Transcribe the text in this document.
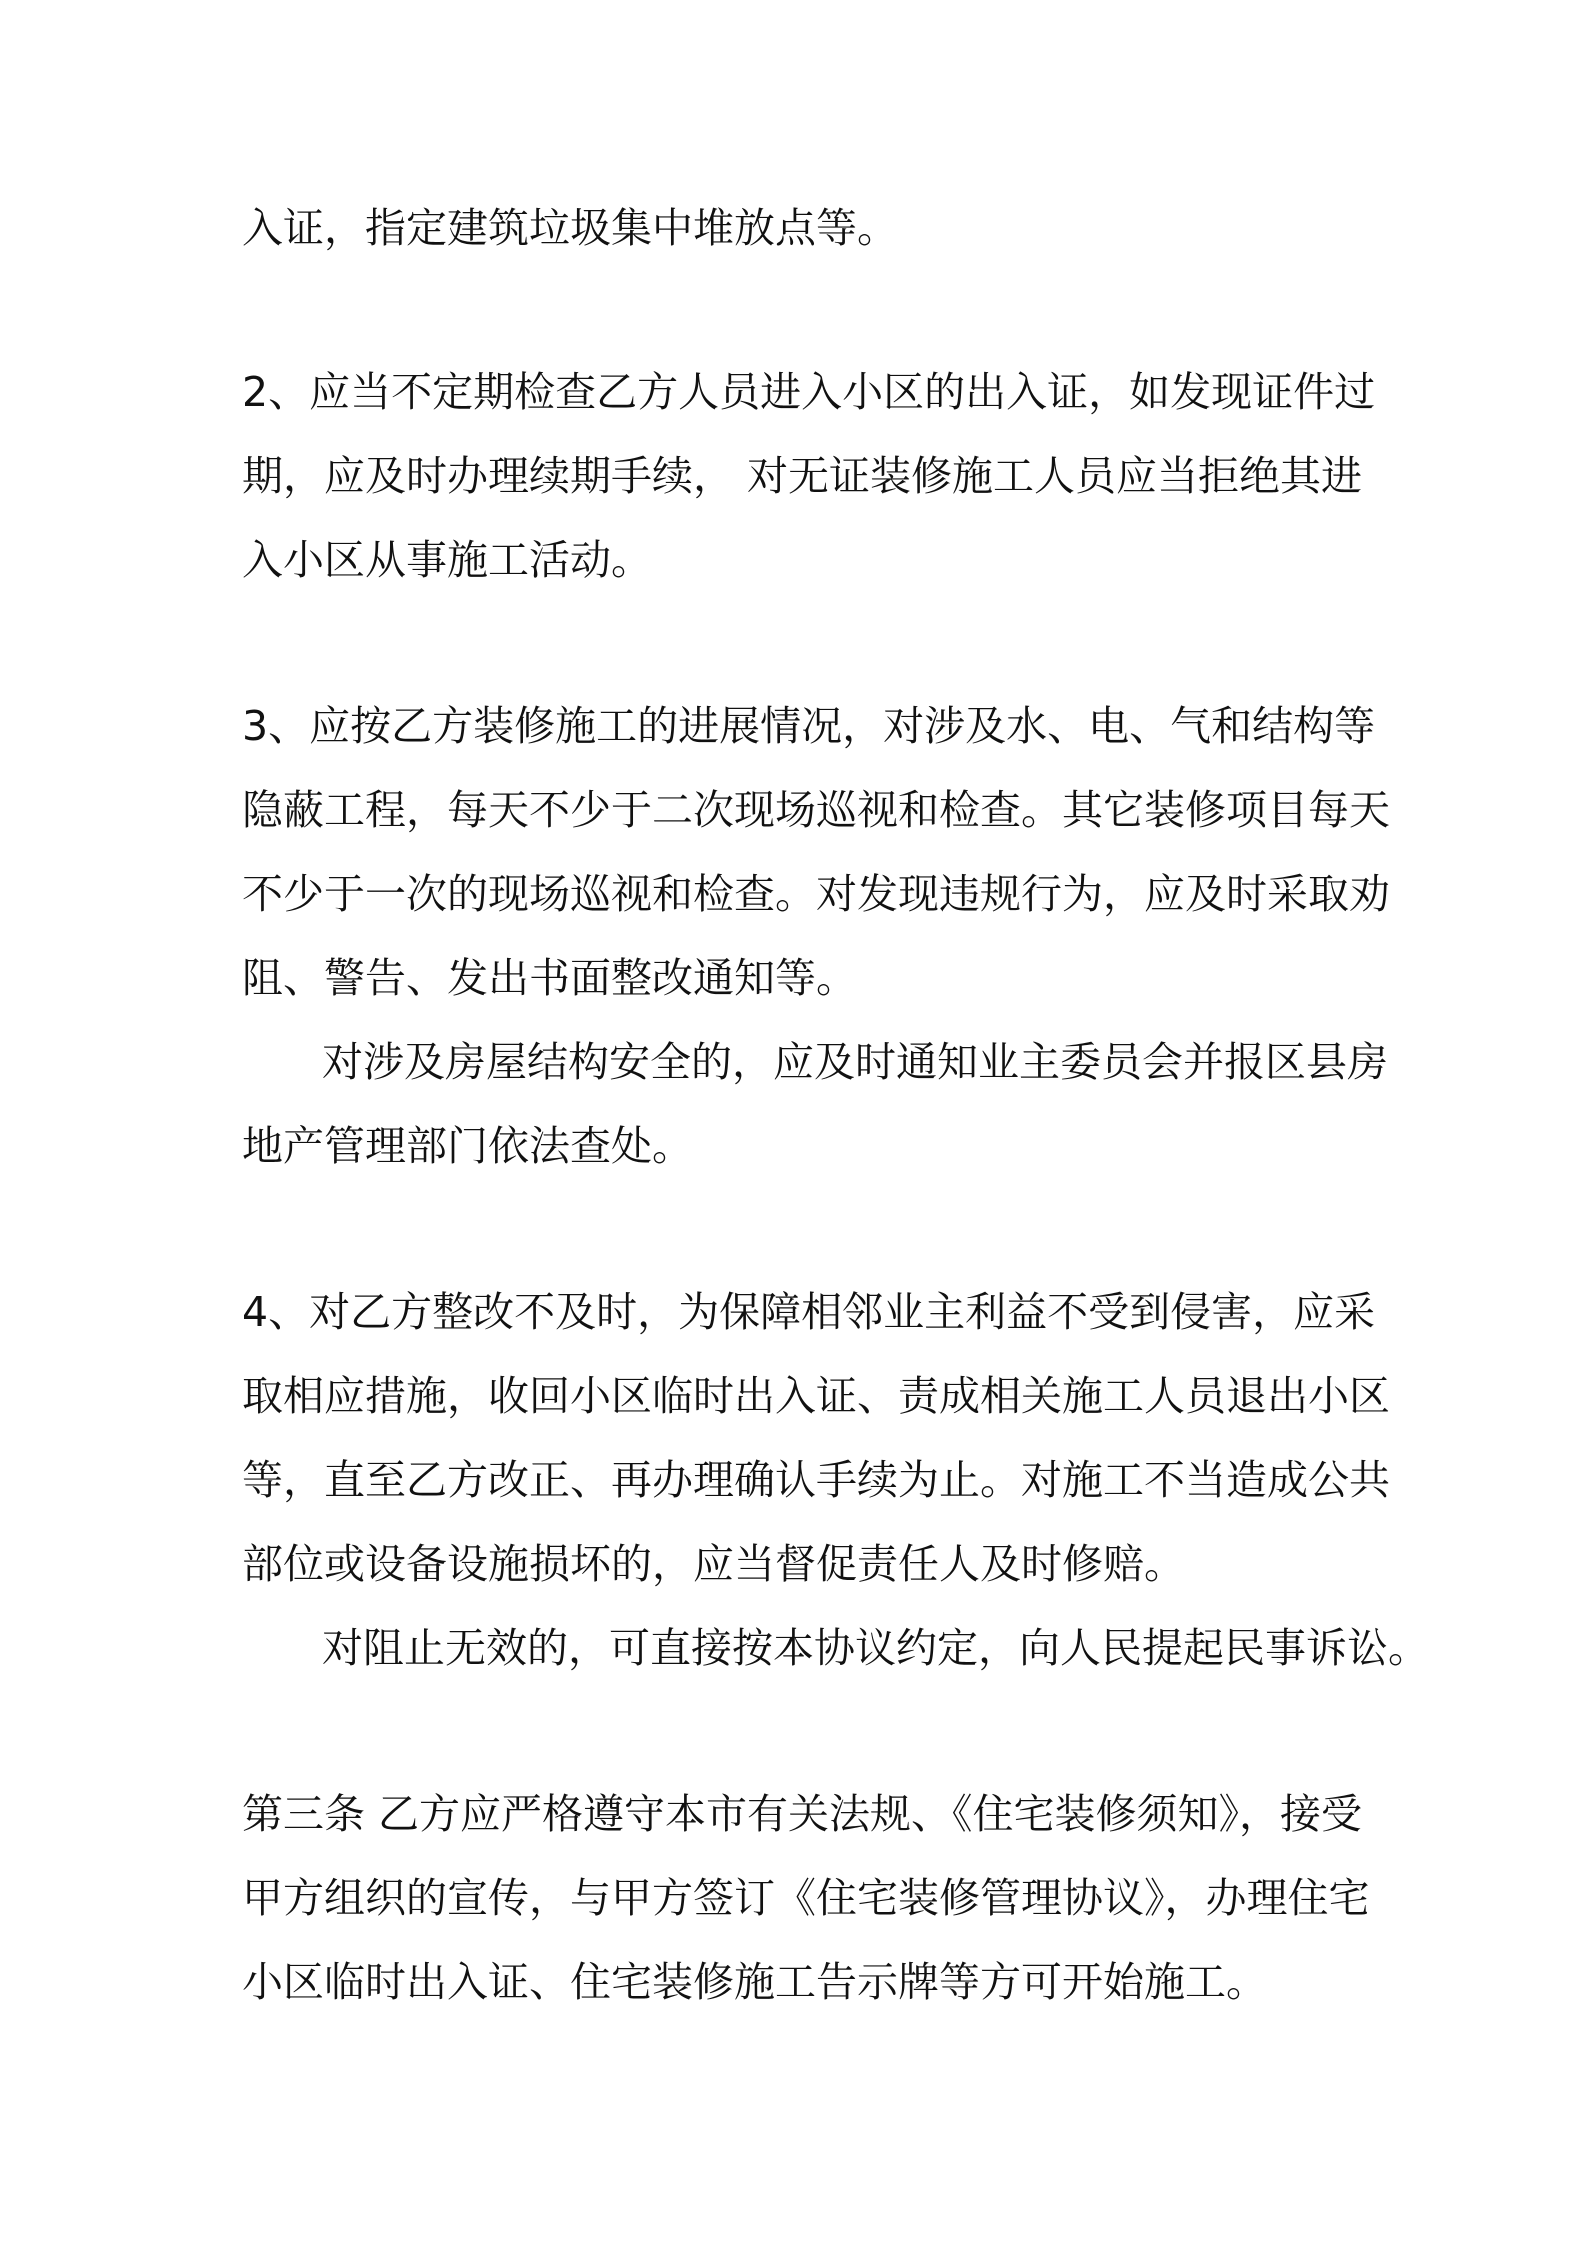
入证，指定建筑垃圾集中堆放点等。

2、应当不定期检查乙方人员进入小区的出入证，如发现证件过

期，应及时办理续期手续， 对无证装修施工人员应当拒绝其进

入小区从事施工活动。

3、应按乙方装修施工的进展情况，对涉及水、电、气和结构等

隐蔽工程，每天不少于二次现场巡视和检查。其它装修项目每天

不少于一次的现场巡视和检查。对发现违规行为，应及时采取劝

阻、警告、发出书面整改通知等。

对涉及房屋结构安全的，应及时通知业主委员会并报区县房

地产管理部门依法查处。

4、对乙方整改不及时，为保障相邻业主利益不受到侵害，应采

取相应措施，收回小区临时出入证、责成相关施工人员退出小区

等，直至乙方改正、再办理确认手续为止。对施工不当造成公共

部位或设备设施损坏的，应当督促责任人及时修赔。

对阻止无效的，可直接按本协议约定，向人民提起民事诉讼。

第三条 乙方应严格遵守本市有关法规、《住宅装修须知》，接受

甲方组织的宣传，与甲方签订《住宅装修管理协议》，办理住宅

小区临时出入证、住宅装修施工告示牌等方可开始施工。
